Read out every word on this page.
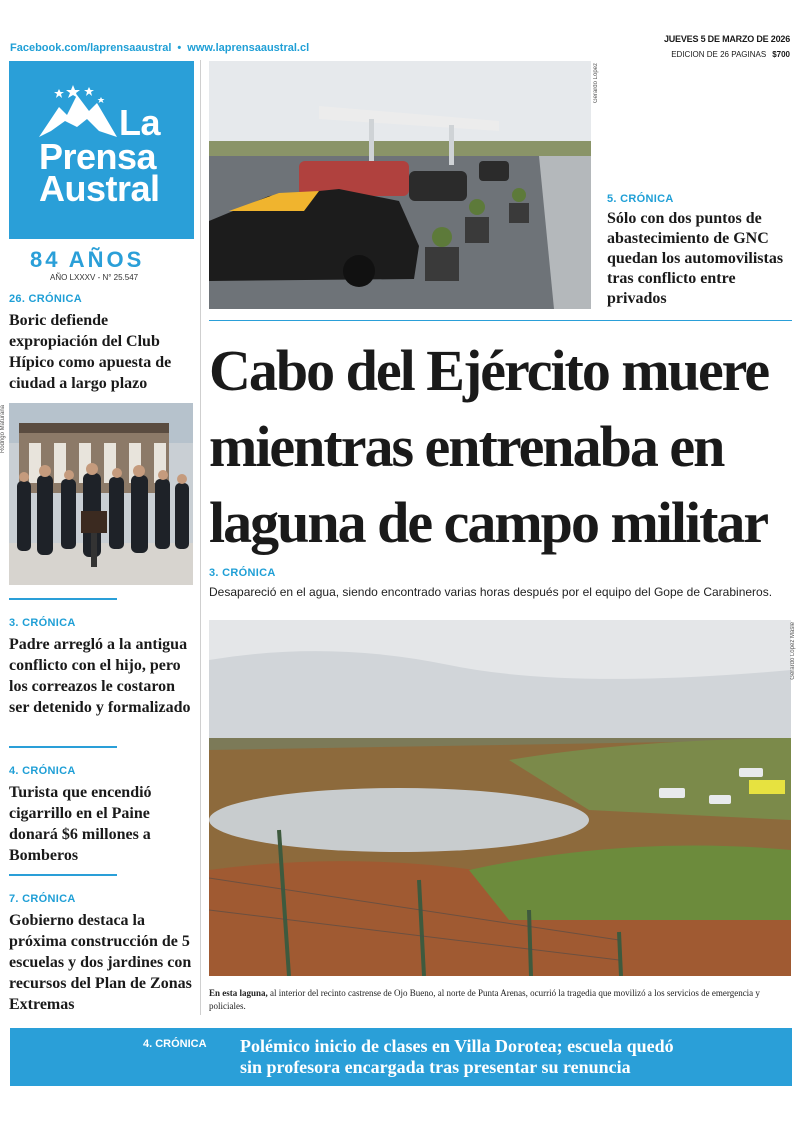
Facebook.com/laprensaaustral • www.laprensaaustral.cl
JUEVES 5 DE MARZO DE 2026
EDICION DE 26 PAGINAS $700
La
Prensa
Austral
84 AÑOS
AÑO LXXXV - N° 25.547
26. CRÓNICA
Boric defiende expropiación del Club Hípico como apuesta de ciudad a largo plazo
Rodrigo Maturana
3. CRÓNICA
Padre arregló a la antigua conflicto con el hijo, pero los correazos le costaron ser detenido y formalizado
4. CRÓNICA
Turista que encendió cigarrillo en el Paine donará $6 millones a Bomberos
7. CRÓNICA
Gobierno destaca la próxima construcción de 5 escuelas y dos jardines con recursos del Plan de Zonas Extremas
Gerardo López
5. CRÓNICA
Sólo con dos puntos de abastecimiento de GNC quedan los automovilistas tras conflicto entre privados
Cabo del Ejército muere mientras entrenaba en laguna de campo militar
3. CRÓNICA
Desapareció en el agua, siendo encontrado varias horas después por el equipo del Gope de Carabineros.
Gerardo López Masle
En esta laguna, al interior del recinto castrense de Ojo Bueno, al norte de Punta Arenas, ocurrió la tragedia que movilizó a los servicios de emergencia y policiales.
4. CRÓNICA Polémico inicio de clases en Villa Dorotea; escuela quedó sin profesora encargada tras presentar su renuncia
